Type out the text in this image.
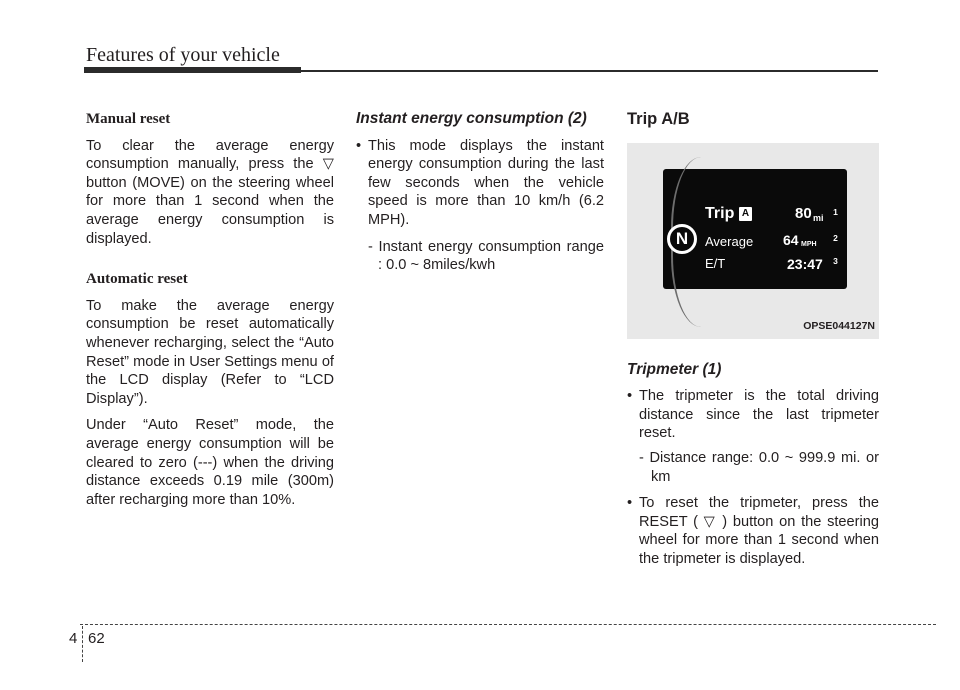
Features of your vehicle
Manual reset

To clear the average energy consumption manually, press the ▽ button (MOVE) on the steering wheel for more than 1 second when the average energy consumption is displayed.

Automatic reset

To make the average energy consumption be reset automatically whenever recharging, select the “Auto Reset” mode in User Settings menu of the LCD display (Refer to “LCD Display”).

Under “Auto Reset” mode, the average energy consumption will be cleared to zero (---) when the driving distance exceeds 0.19 mile (300m) after recharging more than 10%.

Instant energy consumption (2)
• This mode displays the instant energy consumption during the last few seconds when the vehicle speed is more than 10 km/h (6.2 MPH).
- Instant energy consumption range : 0.0 ~ 8miles/kwh
Trip A/B
N
Trip A
Average
E/T
80 mi
64 MPH
23:47
1
2
3
OPSE044127N
Tripmeter (1)
• The tripmeter is the total driving distance since the last tripmeter reset.
- Distance range: 0.0 ~ 999.9 mi. or km
• To reset the tripmeter, press the RESET ( ▽ ) button on the steering wheel for more than 1 second when the tripmeter is displayed.
4 62
